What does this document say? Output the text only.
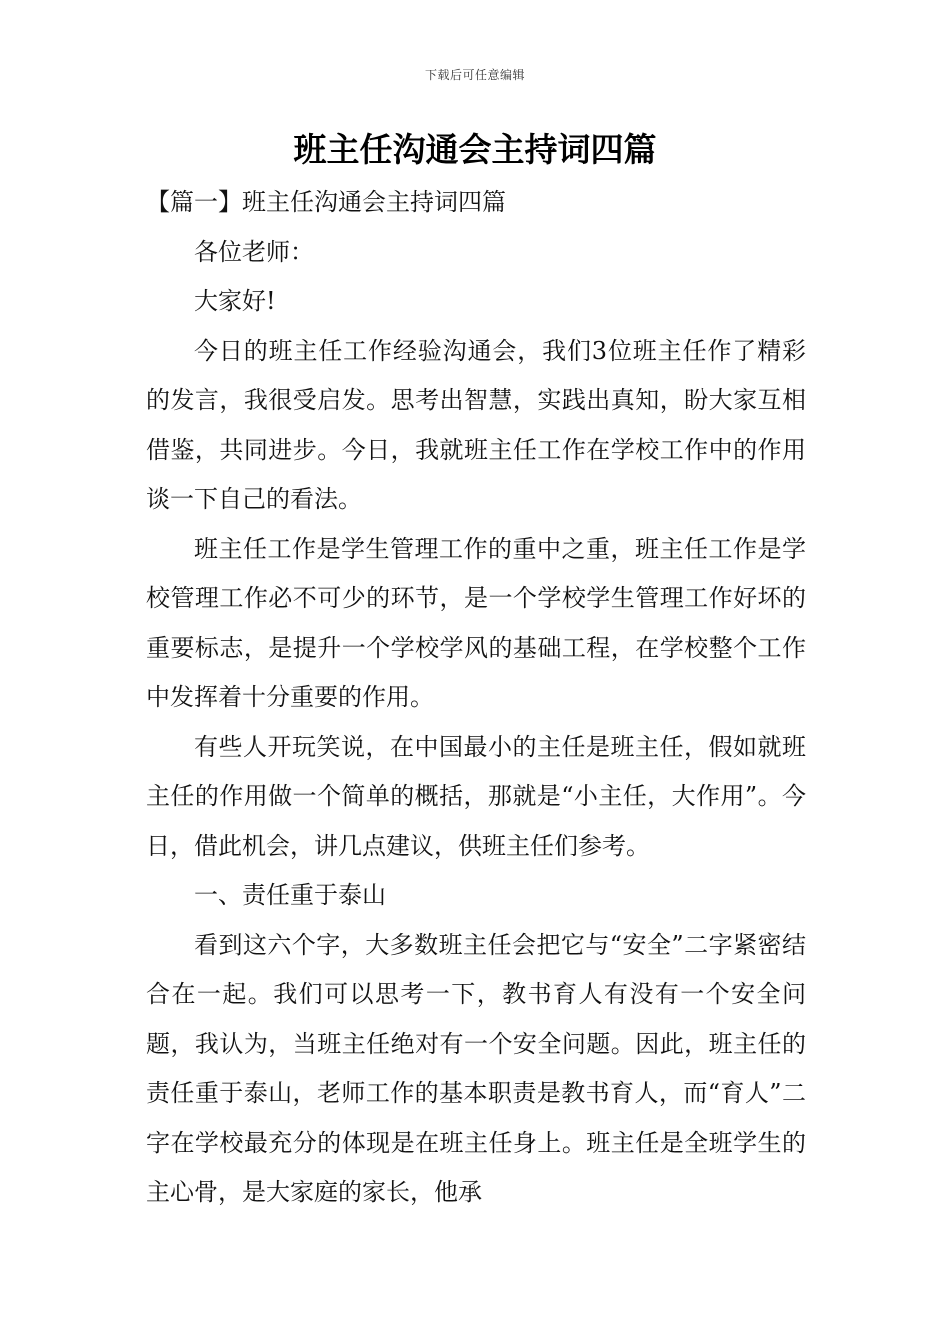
下载后可任意编辑
班主任沟通会主持词四篇

【篇一】班主任沟通会主持词四篇

各位老师：

大家好!

今日的班主任工作经验沟通会，我们3位班主任作了精彩的发言，我很受启发。思考出智慧，实践出真知，盼大家互相借鉴，共同进步。今日，我就班主任工作在学校工作中的作用谈一下自己的看法。

班主任工作是学生管理工作的重中之重，班主任工作是学校管理工作必不可少的环节，是一个学校学生管理工作好坏的重要标志，是提升一个学校学风的基础工程，在学校整个工作中发挥着十分重要的作用。

有些人开玩笑说，在中国最小的主任是班主任，假如就班主任的作用做一个简单的概括，那就是“小主任，大作用”。今日，借此机会，讲几点建议，供班主任们参考。

一、责任重于泰山

看到这六个字，大多数班主任会把它与“安全”二字紧密结合在一起。我们可以思考一下，教书育人有没有一个安全问题，我认为，当班主任绝对有一个安全问题。因此，班主任的责任重于泰山，老师工作的基本职责是教书育人，而“育人”二字在学校最充分的体现是在班主任身上。班主任是全班学生的主心骨，是大家庭的家长，他承
